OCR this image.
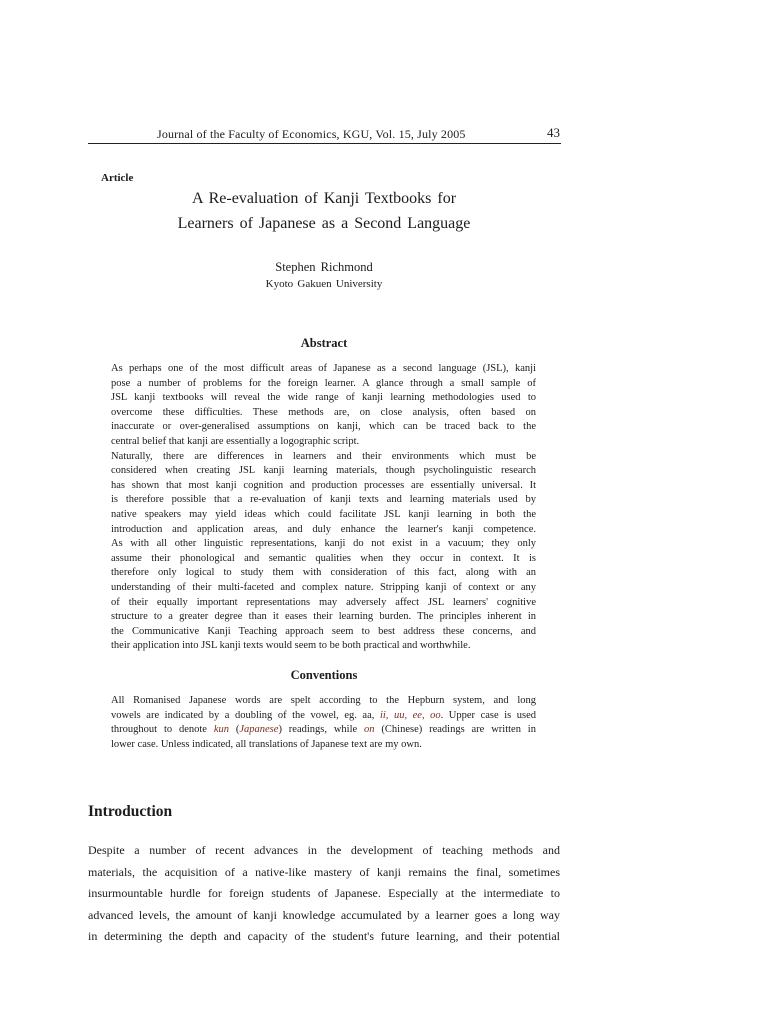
Journal of the Faculty of Economics, KGU, Vol. 15, July 2005	43
Article
A Re-evaluation of Kanji Textbooks for
Learners of Japanese as a Second Language
Stephen Richmond
Kyoto Gakuen University
Abstract

As perhaps one of the most difficult areas of Japanese as a second language (JSL), kanji
pose a number of problems for the foreign learner. A glance through a small sample of
JSL kanji textbooks will reveal the wide range of kanji learning methodologies used to
overcome these difficulties. These methods are, on close analysis, often based on
inaccurate or over-generalised assumptions on kanji, which can be traced back to the
central belief that kanji are essentially a logographic script.
Naturally, there are differences in learners and their environments which must be
considered when creating JSL kanji learning materials, though psycholinguistic research
has shown that most kanji cognition and production processes are essentially universal. It
is therefore possible that a re-evaluation of kanji texts and learning materials used by
native speakers may yield ideas which could facilitate JSL kanji learning in both the
introduction and application areas, and duly enhance the learner's kanji competence.
As with all other linguistic representations, kanji do not exist in a vacuum; they only
assume their phonological and semantic qualities when they occur in context. It is
therefore only logical to study them with consideration of this fact, along with an
understanding of their multi-faceted and complex nature. Stripping kanji of context or any
of their equally important representations may adversely affect JSL learners' cognitive
structure to a greater degree than it eases their learning burden. The principles inherent in
the Communicative Kanji Teaching approach seem to best address these concerns, and
their application into JSL kanji texts would seem to be both practical and worthwhile.

Conventions

All Romanised Japanese words are spelt according to the Hepburn system, and long
vowels are indicated by a doubling of the vowel, eg. aa, ii, uu, ee, oo. Upper case is used
throughout to denote kun (Japanese) readings, while on (Chinese) readings are written in
lower case. Unless indicated, all translations of Japanese text are my own.

Introduction
Despite a number of recent advances in the development of teaching methods and
materials, the acquisition of a native-like mastery of kanji remains the final, sometimes
insurmountable hurdle for foreign students of Japanese. Especially at the intermediate to
advanced levels, the amount of kanji knowledge accumulated by a learner goes a long way
in determining the depth and capacity of the student's future learning, and their potential
